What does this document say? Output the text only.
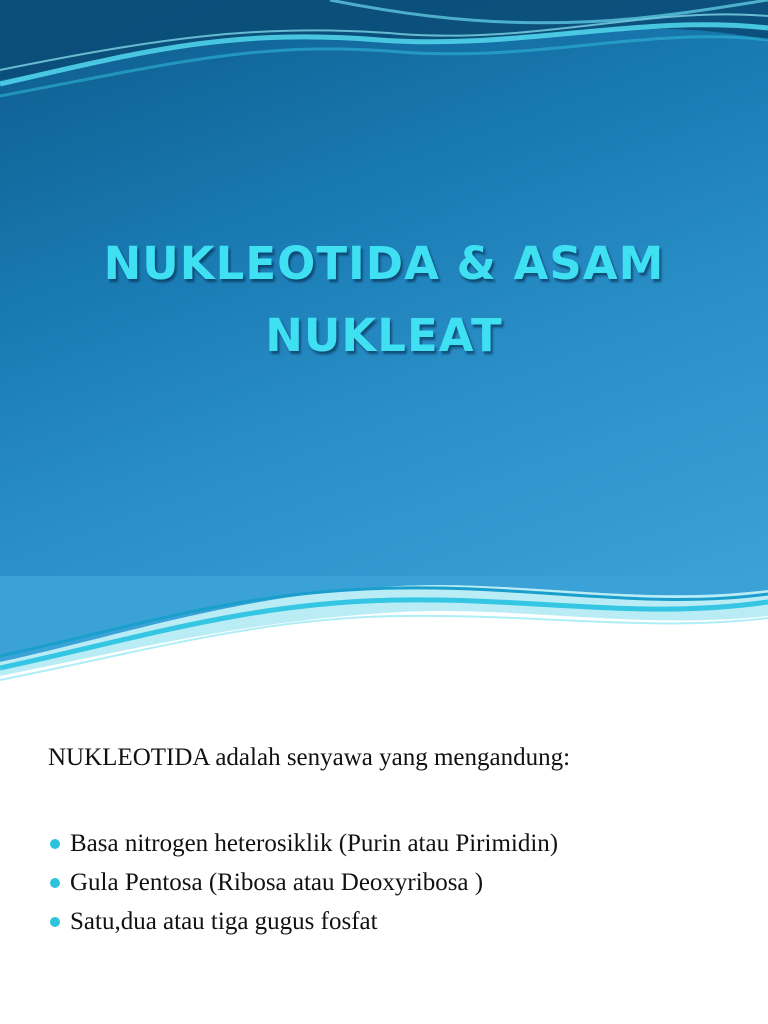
NUKLEOTIDA & ASAM NUKLEAT

NUKLEOTIDA adalah senyawa yang mengandung:

Basa nitrogen heterosiklik (Purin atau Pirimidin)
Gula Pentosa (Ribosa atau Deoxyribosa )
Satu,dua atau tiga gugus fosfat
